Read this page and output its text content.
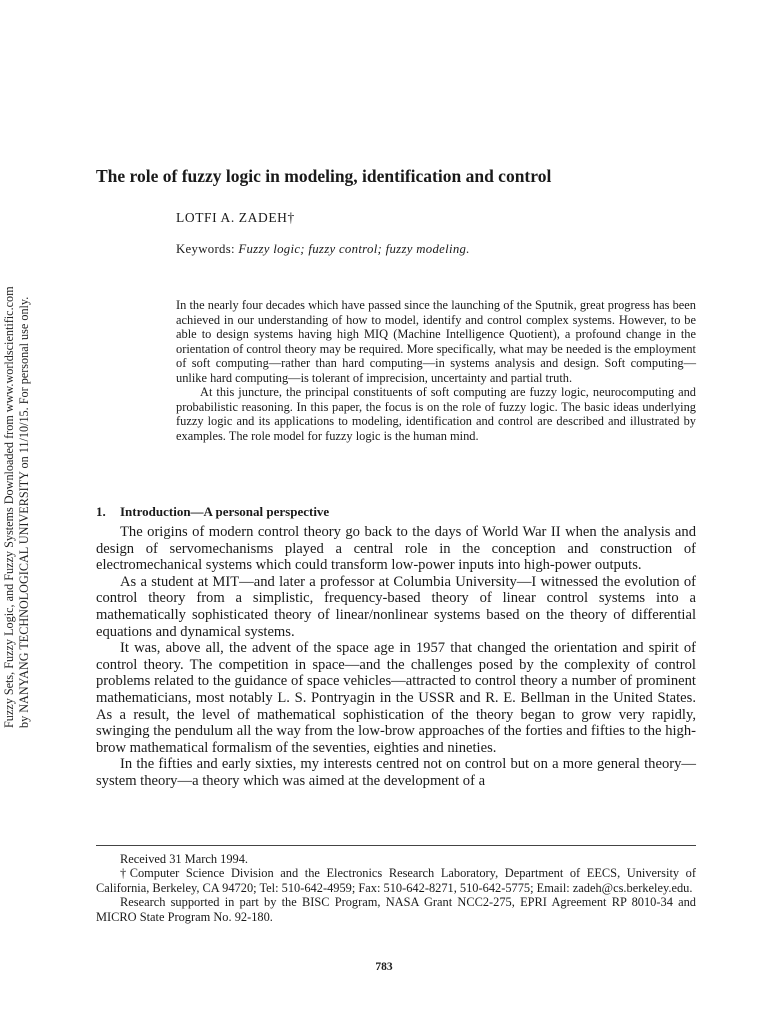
Fuzzy Sets, Fuzzy Logic, and Fuzzy Systems Downloaded from www.worldscientific.com by NANYANG TECHNOLOGICAL UNIVERSITY on 11/10/15. For personal use only.
The role of fuzzy logic in modeling, identification and control
LOTFI A. ZADEH†
Keywords: Fuzzy logic; fuzzy control; fuzzy modeling.

In the nearly four decades which have passed since the launching of the Sputnik, great progress has been achieved in our understanding of how to model, identify and control complex systems. However, to be able to design systems having high MIQ (Machine Intelligence Quotient), a profound change in the orientation of control theory may be required. More specifically, what may be needed is the employment of soft computing—rather than hard computing—in systems analysis and design. Soft computing—unlike hard computing—is tolerant of imprecision, uncertainty and partial truth.

At this juncture, the principal constituents of soft computing are fuzzy logic, neurocomputing and probabilistic reasoning. In this paper, the focus is on the role of fuzzy logic. The basic ideas underlying fuzzy logic and its applications to modeling, identification and control are described and illustrated by examples. The role model for fuzzy logic is the human mind.

1. Introduction—A personal perspective

The origins of modern control theory go back to the days of World War II when the analysis and design of servomechanisms played a central role in the conception and construction of electromechanical systems which could transform low-power inputs into high-power outputs.

As a student at MIT—and later a professor at Columbia University—I witnessed the evolution of control theory from a simplistic, frequency-based theory of linear control systems into a mathematically sophisticated theory of linear/nonlinear systems based on the theory of differential equations and dynamical systems.

It was, above all, the advent of the space age in 1957 that changed the orientation and spirit of control theory. The competition in space—and the challenges posed by the complexity of control problems related to the guidance of space vehicles—attracted to control theory a number of prominent mathematicians, most notably L. S. Pontryagin in the USSR and R. E. Bellman in the United States. As a result, the level of mathematical sophistication of the theory began to grow very rapidly, swinging the pendulum all the way from the low-brow approaches of the forties and fifties to the high-brow mathematical formalism of the seventies, eighties and nineties.

In the fifties and early sixties, my interests centred not on control but on a more general theory—system theory—a theory which was aimed at the development of a

Received 31 March 1994.

†Computer Science Division and the Electronics Research Laboratory, Department of EECS, University of California, Berkeley, CA 94720; Tel: 510-642-4959; Fax: 510-642-8271, 510-642-5775; Email: zadeh@cs.berkeley.edu.

Research supported in part by the BISC Program, NASA Grant NCC2-275, EPRI Agreement RP 8010-34 and MICRO State Program No. 92-180.

783
